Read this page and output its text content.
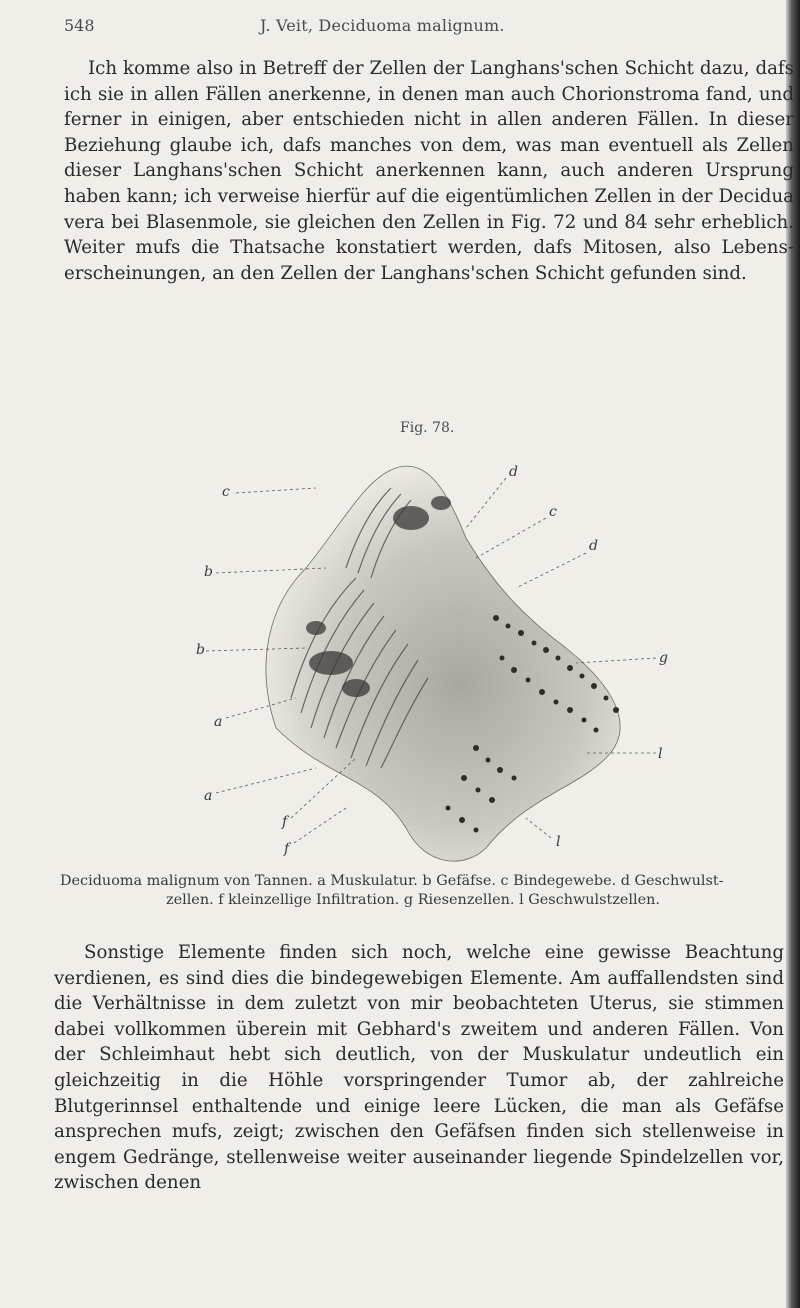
548	J. Veit, Deciduoma malignum.

Ich komme also in Betreff der Zellen der Langhans'schen Schicht dazu, dafs ich sie in allen Fällen anerkenne, in denen man auch Chorionstroma fand, und ferner in einigen, aber entschieden nicht in allen anderen Fällen. In dieser Beziehung glaube ich, dafs manches von dem, was man eventuell als Zellen dieser Langhans'schen Schicht anerkennen kann, auch anderen Ursprung haben kann; ich verweise hierfür auf die eigentümlichen Zellen in der Decidua vera bei Blasenmole, sie gleichen den Zellen in Fig. 72 und 84 sehr erheblich. Weiter mufs die Thatsache konstatiert werden, dafs Mitosen, also Lebens-erscheinungen, an den Zellen der Langhans'schen Schicht gefunden sind.

Fig. 78.
d
c
c
d
b
b	g
a
l
a
f
f	l
Deciduoma malignum von Tannen. a Muskulatur. b Gefäfse. c Bindegewebe. d Geschwulst-
zellen. f kleinzellige Infiltration. g Riesenzellen. l Geschwulstzellen.

Sonstige Elemente finden sich noch, welche eine gewisse Beachtung verdienen, es sind dies die bindegewebigen Elemente. Am auffallendsten sind die Verhältnisse in dem zuletzt von mir beobachteten Uterus, sie stimmen dabei vollkommen überein mit Gebhard's zweitem und anderen Fällen. Von der Schleimhaut hebt sich deutlich, von der Muskulatur undeutlich ein gleichzeitig in die Höhle vorspringender Tumor ab, der zahlreiche Blutgerinnsel enthaltende und einige leere Lücken, die man als Gefäfse ansprechen mufs, zeigt; zwischen den Gefäfsen finden sich stellenweise in engem Gedränge, stellenweise weiter auseinander liegende Spindelzellen vor, zwischen denen
